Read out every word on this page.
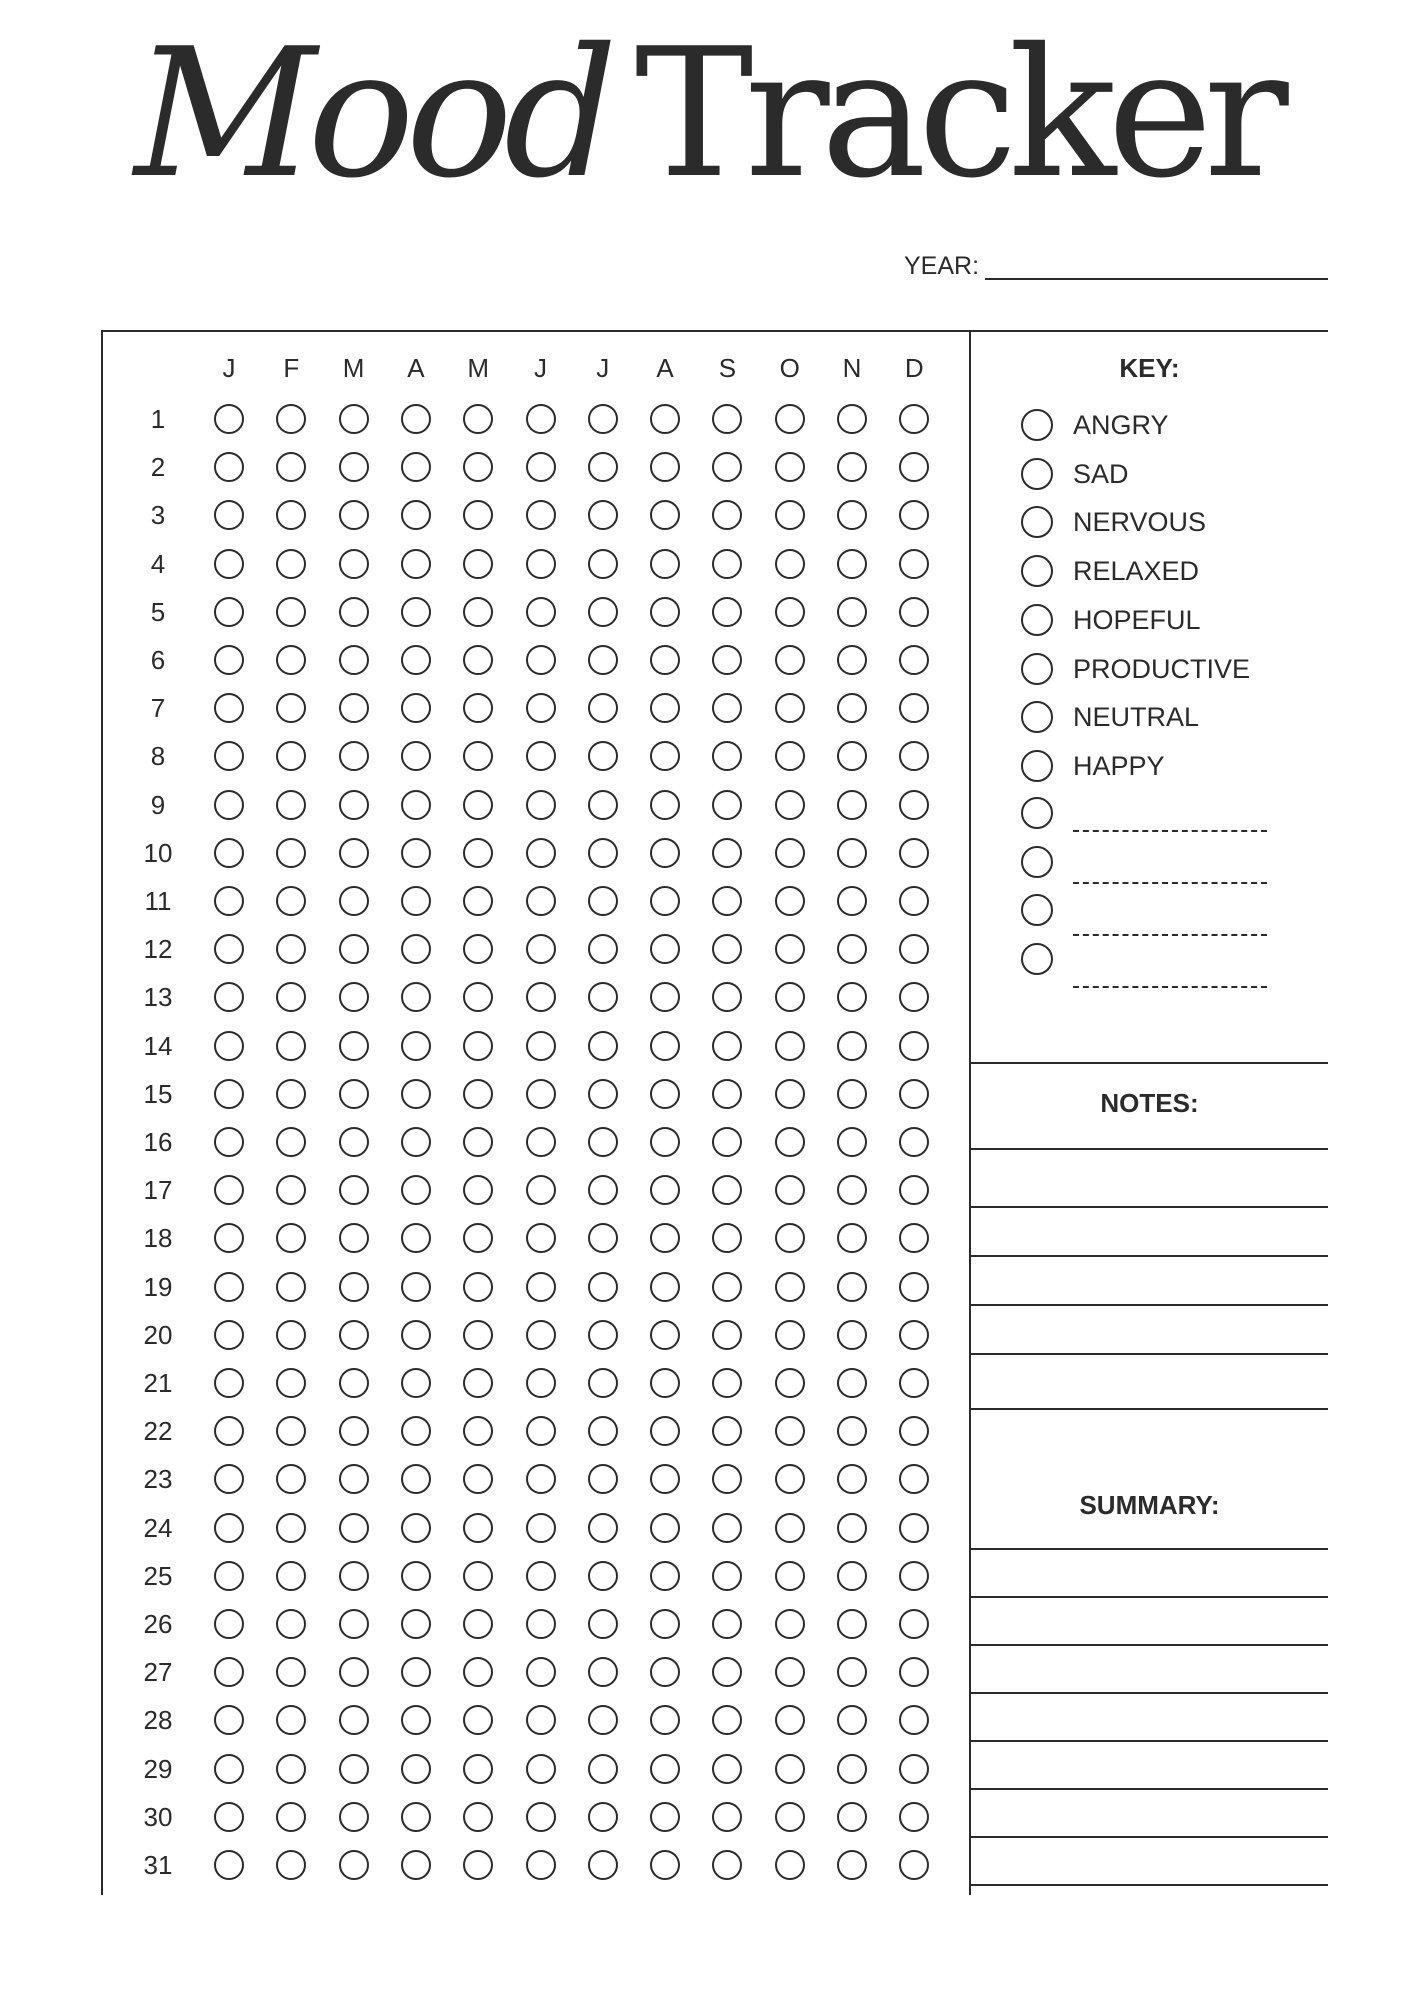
Mood Tracker
YEAR:
J	F	M	A	M	J	J	A	S	O	N	D
1
2
3
4
5
6
7
8
9
10
11
12
13
14
15
16
17
18
19
20
21
22
23
24
25
26
27
28
29
30
31
KEY:
ANGRY
SAD
NERVOUS
RELAXED
HOPEFUL
PRODUCTIVE
NEUTRAL
HAPPY
NOTES:
SUMMARY:
